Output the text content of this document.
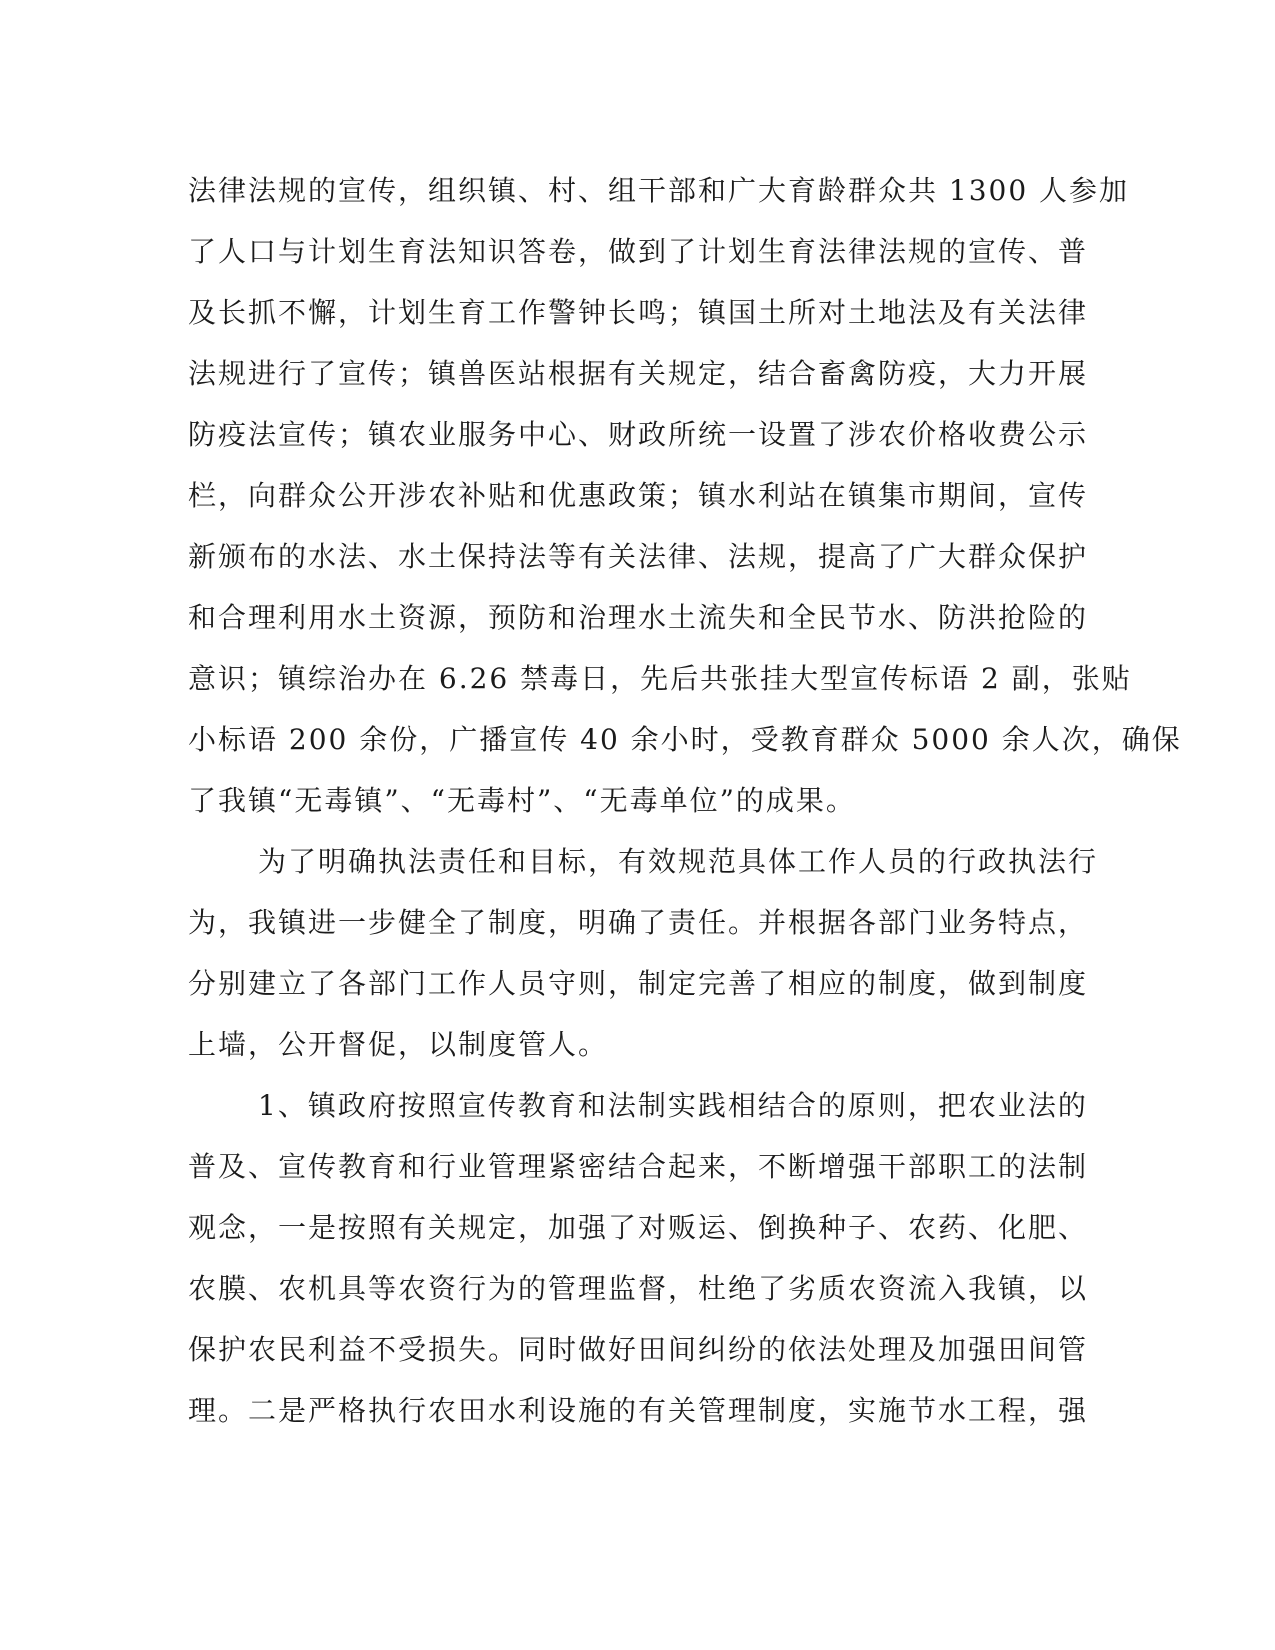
法律法规的宣传，组织镇、村、组干部和广大育龄群众共 1300 人参加
了人口与计划生育法知识答卷，做到了计划生育法律法规的宣传、普
及长抓不懈，计划生育工作警钟长鸣；镇国土所对土地法及有关法律
法规进行了宣传；镇兽医站根据有关规定，结合畜禽防疫，大力开展
防疫法宣传；镇农业服务中心、财政所统一设置了涉农价格收费公示
栏，向群众公开涉农补贴和优惠政策；镇水利站在镇集市期间，宣传
新颁布的水法、水土保持法等有关法律、法规，提高了广大群众保护
和合理利用水土资源，预防和治理水土流失和全民节水、防洪抢险的
意识；镇综治办在 6.26 禁毒日，先后共张挂大型宣传标语 2 副，张贴
小标语 200 余份，广播宣传 40 余小时，受教育群众 5000 余人次，确保
了我镇“无毒镇”、“无毒村”、“无毒单位”的成果。
为了明确执法责任和目标，有效规范具体工作人员的行政执法行
为，我镇进一步健全了制度，明确了责任。并根据各部门业务特点，
分别建立了各部门工作人员守则，制定完善了相应的制度，做到制度
上墙，公开督促，以制度管人。
1、镇政府按照宣传教育和法制实践相结合的原则，把农业法的
普及、宣传教育和行业管理紧密结合起来，不断增强干部职工的法制
观念，一是按照有关规定，加强了对贩运、倒换种子、农药、化肥、
农膜、农机具等农资行为的管理监督，杜绝了劣质农资流入我镇，以
保护农民利益不受损失。同时做好田间纠纷的依法处理及加强田间管
理。二是严格执行农田水利设施的有关管理制度，实施节水工程，强
